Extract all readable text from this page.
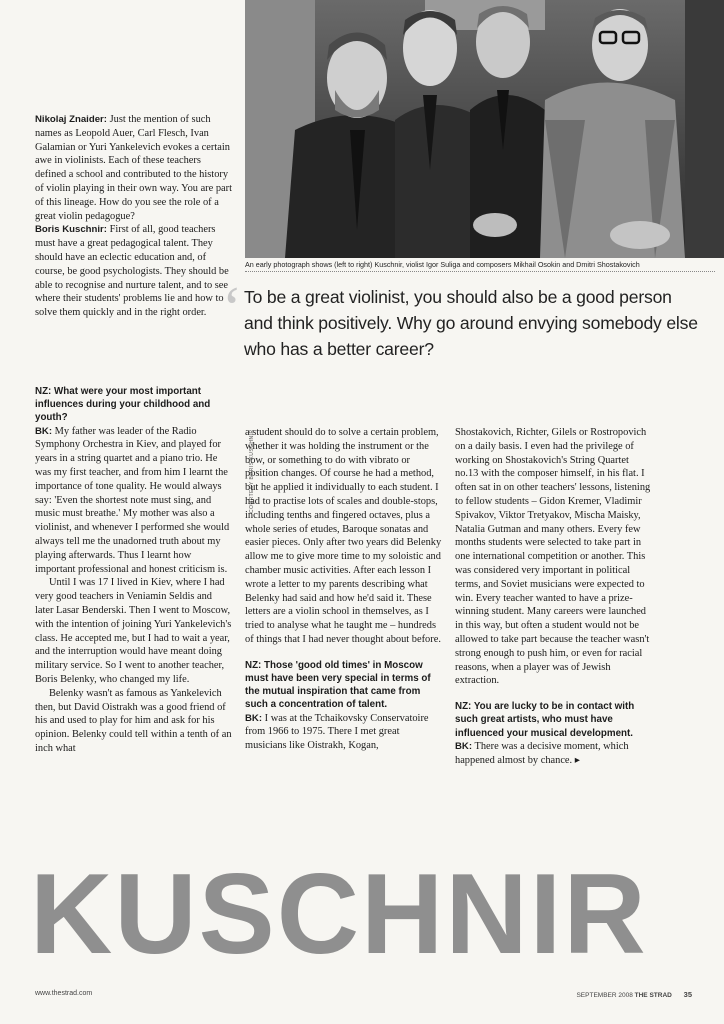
COURTESY BORIS KUSCHNIR
An early photograph shows (left to right) Kuschnir, violist Igor Suliga and composers Mikhail Osokin and Dmitri Shostakovich

Nikolaj Znaider: Just the mention of such names as Leopold Auer, Carl Flesch, Ivan Galamian or Yuri Yankelevich evokes a certain awe in violinists. Each of these teachers defined a school and contributed to the history of violin playing in their own way. You are part of this lineage. How do you see the role of a great violin pedagogue?

Boris Kuschnir: First of all, good teachers must have a great pedagogical talent. They should have an eclectic education and, of course, be good psychologists. They should be able to recognise and nurture talent, and to see where their students' problems lie and how to solve them quickly and in the right order.

NZ: What were your most important influences during your childhood and youth?

BK: My father was leader of the Radio Symphony Orchestra in Kiev, and played for years in a string quartet and a piano trio. He was my first teacher, and from him I learnt the importance of tone quality. He would always say: 'Even the shortest note must sing, and music must breathe.' My mother was also a violinist, and whenever I performed she would always tell me the unadorned truth about my playing afterwards. Thus I learnt how important professional and honest criticism is.

Until I was 17 I lived in Kiev, where I had very good teachers in Veniamin Seldis and later Lasar Benderski. Then I went to Moscow, with the intention of joining Yuri Yankelevich's class. He accepted me, but I had to wait a year, and the interruption would have meant doing military service. So I went to another teacher, Boris Belenky, who changed my life.

Belenky wasn't as famous as Yankelevich then, but David Oistrakh was a good friend of his and used to play for him and ask for his opinion. Belenky could tell within a tenth of an inch what

‘ To be a great violinist, you should also be a good person and think positively. Why go around envying somebody else who has a better career?

a student should do to solve a certain problem, whether it was holding the instrument or the bow, or something to do with vibrato or position changes. Of course he had a method, but he applied it individually to each student. I had to practise lots of scales and double-stops, including tenths and fingered octaves, plus a whole series of etudes, Baroque sonatas and easier pieces. Only after two years did Belenky allow me to give more time to my soloistic and chamber music activities. After each lesson I wrote a letter to my parents describing what Belenky had said and how he'd said it. These letters are a violin school in themselves, as I tried to analyse what he taught me – hundreds of things that I had never thought about before.

NZ: Those 'good old times' in Moscow must have been very special in terms of the mutual inspiration that came from such a concentration of talent.

BK: I was at the Tchaikovsky Conservatoire from 1966 to 1975. There I met great musicians like Oistrakh, Kogan,

Shostakovich, Richter, Gilels or Rostropovich on a daily basis. I even had the privilege of working on Shostakovich's String Quartet no.13 with the composer himself, in his flat. I often sat in on other teachers' lessons, listening to fellow students – Gidon Kremer, Vladimir Spivakov, Viktor Tretyakov, Mischa Maisky, Natalia Gutman and many others. Every few months students were selected to take part in one international competition or another. This was considered very important in political terms, and Soviet musicians were expected to win. Every teacher wanted to have a prize-winning student. Many careers were launched in this way, but often a student would not be allowed to take part because the teacher wasn't strong enough to push him, or even for racial reasons, when a player was of Jewish extraction.

NZ: You are lucky to be in contact with such great artists, who must have influenced your musical development.

BK: There was a decisive moment, which happened almost by chance. ▸

KUSCHNIR
www.thestrad.com	SEPTEMBER 2008 THE STRAD 35
